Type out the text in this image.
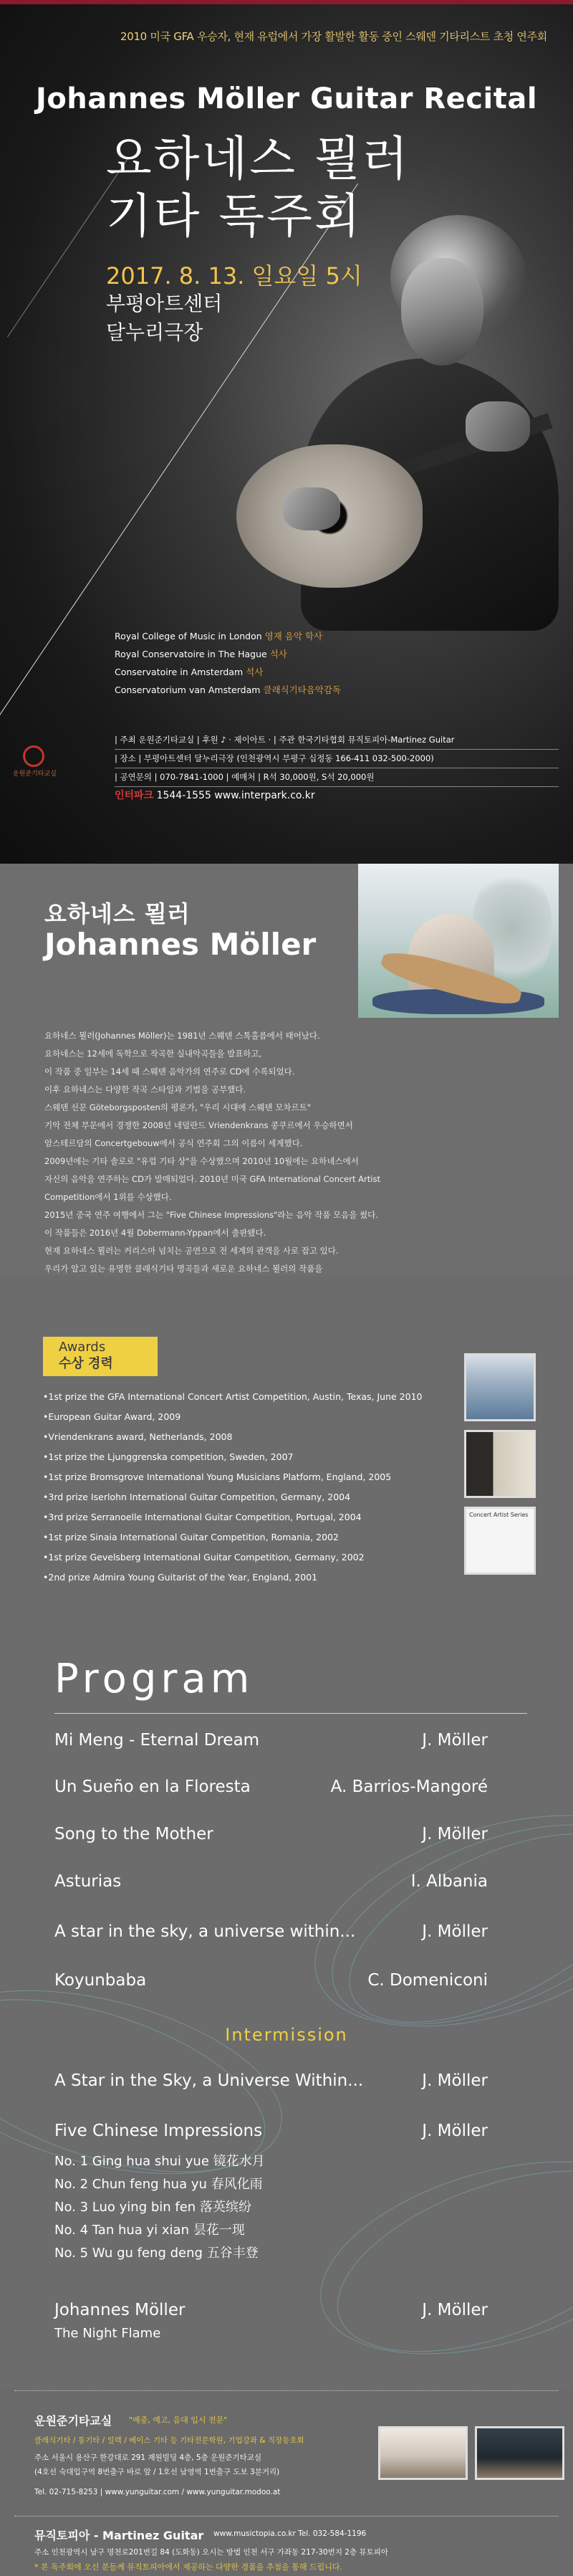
2010 미국 GFA 우승자, 현재 유럽에서 가장 활발한 활동 중인 스웨덴 기타리스트 초청 연주회
Johannes Möller Guitar Recital
요하네스 묄러
기타 독주회
2017. 8. 13. 일요일 5시
부평아트센터
달누리극장
Royal College of Music in London 영재 음악 학사
Royal Conservatoire in The Hague 석사
Conservatoire in Amsterdam 석사
Conservatorium van Amsterdam 클래식기타음악감독
운원준기타교실
| 주최 운원준기타교실 | 후원 ♪ · 제이아트 · | 주관 한국기타협회 뮤직토피아-Martinez Guitar
| 장소 | 부평아트센터 달누리극장 (인천광역시 부평구 십정동 166-411 032-500-2000)
| 공연문의 | 070-7841-1000 | 예매처 | R석 30,000원, S석 20,000원
인터파크 1544-1555 www.interpark.co.kr
요하네스 묄러
Johannes Möller
요하네스 묄러(Johannes Möller)는 1981년 스웨덴 스톡홀름에서 태어났다.
요하네스는 12세에 독학으로 작곡한 실내악곡들을 발표하고,
이 작품 중 일부는 14세 때 스웨덴 음악가의 연주로 CD에 수록되었다.
이후 요하네스는 다양한 작곡 스타일과 기법을 공부했다.
스웨덴 신문 Göteborgsposten의 평론가, "우리 시대에 스웨덴 모차르트"
기악 전체 부문에서 경쟁한 2008년 네덜란드 Vriendenkrans 콩쿠르에서 우승하면서
암스테르담의 Concertgebouw에서 공식 연주회 그의 이름이 세계했다.
2009년에는 기타 솔로로 "유럽 기타 상"을 수상했으며 2010년 10월에는 요하네스에서
자신의 음악을 연주하는 CD가 발매되었다. 2010년 미국 GFA International Concert Artist
Competition에서 1위를 수상했다.
2015년 중국 연주 여행에서 그는 "Five Chinese Impressions"라는 음악 작품 모음을 썼다.
이 작품들은 2016년 4월 Dobermann-Yppan에서 출판됐다.
현재 요하네스 묄러는 커리스마 넘치는 공연으로 전 세계의 관객을 사로 잡고 있다.
우리가 알고 있는 유명한 클래식기타 명곡들과 새로운 요하네스 묄러의 작품을
Awards
수상 경력
• 1st prize the GFA International Concert Artist Competition, Austin, Texas, June 2010
• European Guitar Award, 2009
• Vriendenkrans award, Netherlands, 2008
• 1st prize the Ljunggrenska competition, Sweden, 2007
• 1st prize Bromsgrove International Young Musicians Platform, England, 2005
• 3rd prize Iserlohn International Guitar Competition, Germany, 2004
• 3rd prize Serranoelle International Guitar Competition, Portugal, 2004
• 1st prize Sinaia International Guitar Competition, Romania, 2002
• 1st prize Gevelsberg International Guitar Competition, Germany, 2002
• 2nd prize Admira Young Guitarist of the Year, England, 2001
Concert Artist Series
Program
Mi Meng - Eternal Dream	J. Möller
Un Sueño en la Floresta	A. Barrios-Mangoré
Song to the Mother	J. Möller
Asturias	I. Albania
A star in the sky, a universe within...	J. Möller
Koyunbaba	C. Domeniconi
Intermission
A Star in the Sky, a Universe Within...	J. Möller
Five Chinese Impressions	J. Möller
No. 1 Ging hua shui yue 镜花水月
No. 2 Chun feng hua yu 春风化雨
No. 3 Luo ying bin fen 落英缤纷
No. 4 Tan hua yi xian 昙花一现
No. 5 Wu gu feng deng 五谷丰登
Johannes Möller	J. Möller
The Night Flame
운원준기타교실 "예중, 예고, 음대 입시 전문"
클래식기타 / 통기타 / 일렉 / 베이스 기타 등 기타전문학원, 기업강좌 & 직장동호회
주소 서울시 용산구 한강대로 291 재원빌딩 4층, 5층 운원준기타교실
(4호선 숙대입구역 8번출구 바로 앞 / 1호선 남영역 1번출구 도보 3분거리)
Tel. 02-715-8253 | www.yunguitar.com / www.yunguitar.modoo.at
뮤직토피아 - Martinez Guitar www.musictopia.co.kr Tel. 032-584-1196
주소 인천광역시 남구 명천로201번길 84 (도화동) 오시는 방법 인천 서구 가좌동 217-30번지 2층 뮤토피아
* 본 독주회에 오신 분들께 뮤직토피아에서 제공하는 다양한 경품을 추첨을 통해 드립니다.
